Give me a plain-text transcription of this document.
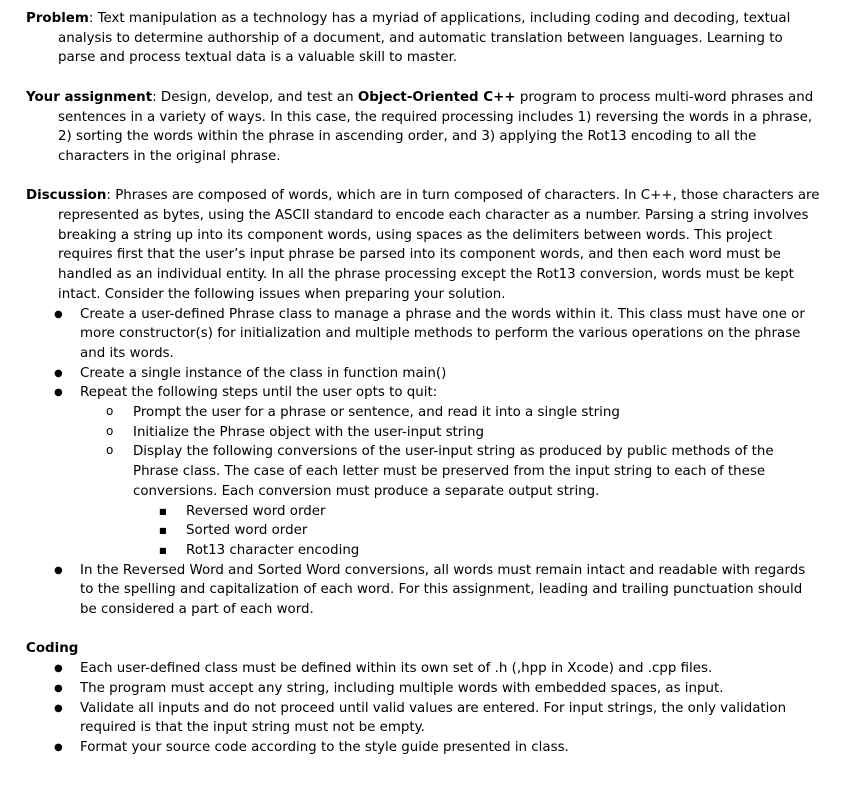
Problem: Text manipulation as a technology has a myriad of applications, including coding and decoding, textual analysis to determine authorship of a document, and automatic translation between languages. Learning to parse and process textual data is a valuable skill to master.

Your assignment: Design, develop, and test an Object-Oriented C++ program to process multi-word phrases and sentences in a variety of ways. In this case, the required processing includes 1) reversing the words in a phrase, 2) sorting the words within the phrase in ascending order, and 3) applying the Rot13 encoding to all the characters in the original phrase.

Discussion: Phrases are composed of words, which are in turn composed of characters. In C++, those characters are represented as bytes, using the ASCII standard to encode each character as a number. Parsing a string involves breaking a string up into its component words, using spaces as the delimiters between words. This project requires first that the user’s input phrase be parsed into its component words, and then each word must be handled as an individual entity. In all the phrase processing except the Rot13 conversion, words must be kept intact. Consider the following issues when preparing your solution.

● Create a user-defined Phrase class to manage a phrase and the words within it. This class must have one or more constructor(s) for initialization and multiple methods to perform the various operations on the phrase and its words.
● Create a single instance of the class in function main()
● Repeat the following steps until the user opts to quit:
o Prompt the user for a phrase or sentence, and read it into a single string
o Initialize the Phrase object with the user-input string
o Display the following conversions of the user-input string as produced by public methods of the Phrase class. The case of each letter must be preserved from the input string to each of these conversions. Each conversion must produce a separate output string.
■ Reversed word order
■ Sorted word order
■ Rot13 character encoding
● In the Reversed Word and Sorted Word conversions, all words must remain intact and readable with regards to the spelling and capitalization of each word. For this assignment, leading and trailing punctuation should be considered a part of each word.

Coding

● Each user-defined class must be defined within its own set of .h (,hpp in Xcode) and .cpp files.
● The program must accept any string, including multiple words with embedded spaces, as input.
● Validate all inputs and do not proceed until valid values are entered. For input strings, the only validation required is that the input string must not be empty.
● Format your source code according to the style guide presented in class.
